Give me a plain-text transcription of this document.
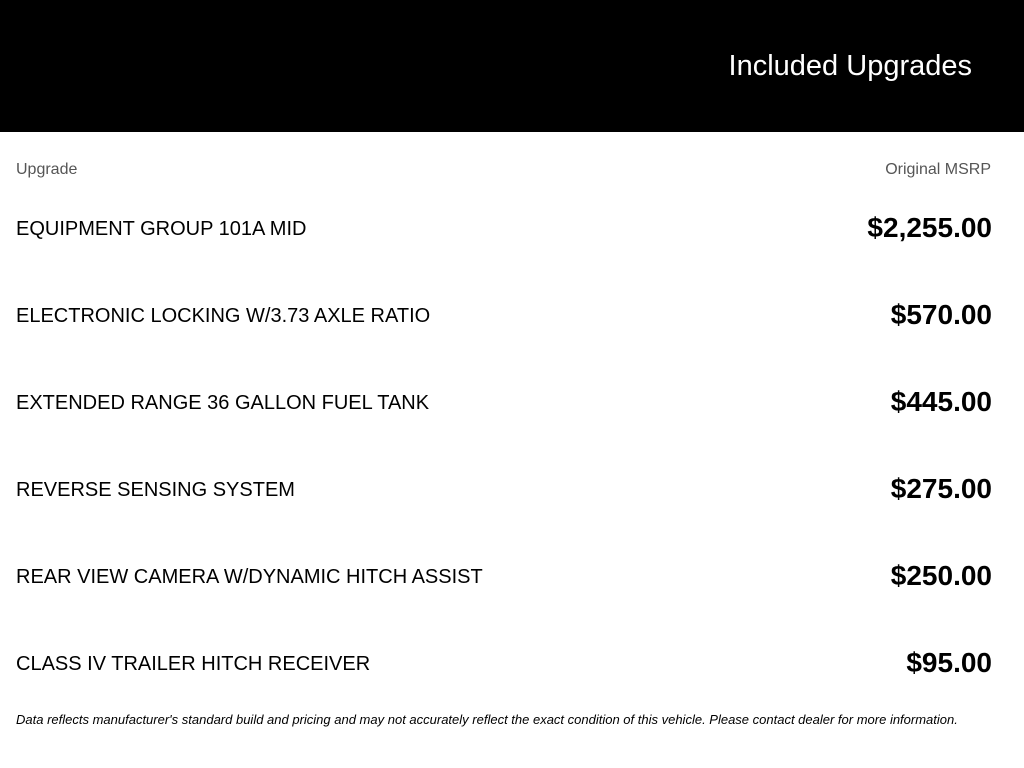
Included Upgrades
Upgrade	Original MSRP
EQUIPMENT GROUP 101A MID	$2,255.00
ELECTRONIC LOCKING W/3.73 AXLE RATIO	$570.00
EXTENDED RANGE 36 GALLON FUEL TANK	$445.00
REVERSE SENSING SYSTEM	$275.00
REAR VIEW CAMERA W/DYNAMIC HITCH ASSIST	$250.00
CLASS IV TRAILER HITCH RECEIVER	$95.00
Data reflects manufacturer's standard build and pricing and may not accurately reflect the exact condition of this vehicle. Please contact dealer for more information.
